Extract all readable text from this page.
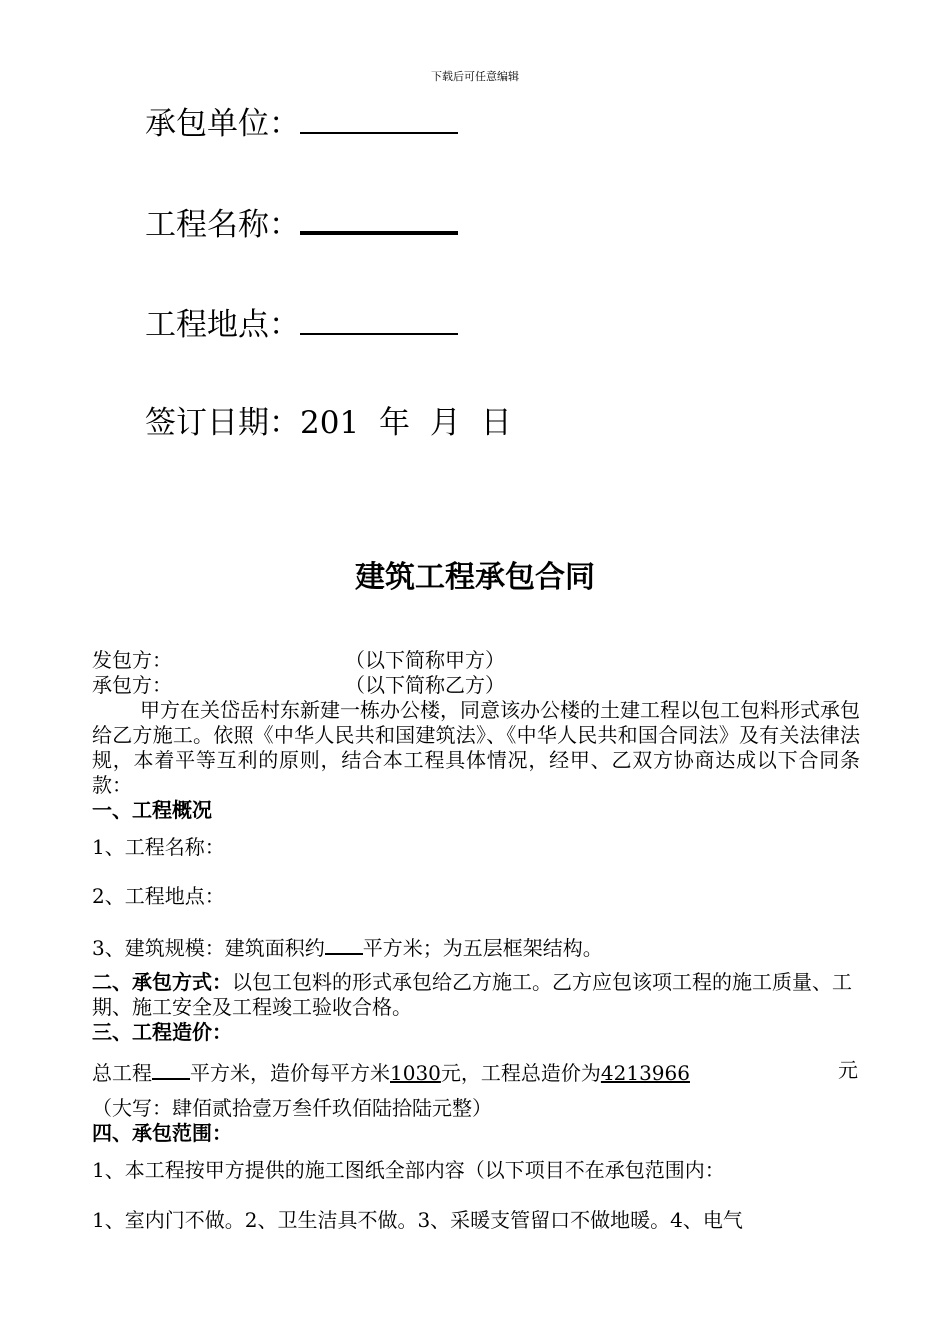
下载后可任意编辑
承包单位：
工程名称：
工程地点：
签订日期：201 年 月 日
建筑工程承包合同
发包方：	（以下简称甲方）
承包方：	（以下简称乙方）
甲方在关岱岳村东新建一栋办公楼，同意该办公楼的土建工程以包工包料形式承包给乙方施工。依照《中华人民共和国建筑法》、《中华人民共和国合同法》及有关法律法规，本着平等互利的原则，结合本工程具体情况，经甲、乙双方协商达成以下合同条款：
一、工程概况
1、工程名称：
2、工程地点：
3、建筑规模：建筑面积约 平方米；为五层框架结构。
二、承包方式：以包工包料的形式承包给乙方施工。乙方应包该项工程的施工质量、工期、施工安全及工程竣工验收合格。
三、工程造价：
总工程 平方米，造价每平方米1030元，工程总造价为4213966	元
（大写：肆佰贰拾壹万叁仟玖佰陆拾陆元整）
四、承包范围：
1、本工程按甲方提供的施工图纸全部内容（以下项目不在承包范围内：
1、室内门不做。2、卫生洁具不做。3、采暖支管留口不做地暖。4、电气
